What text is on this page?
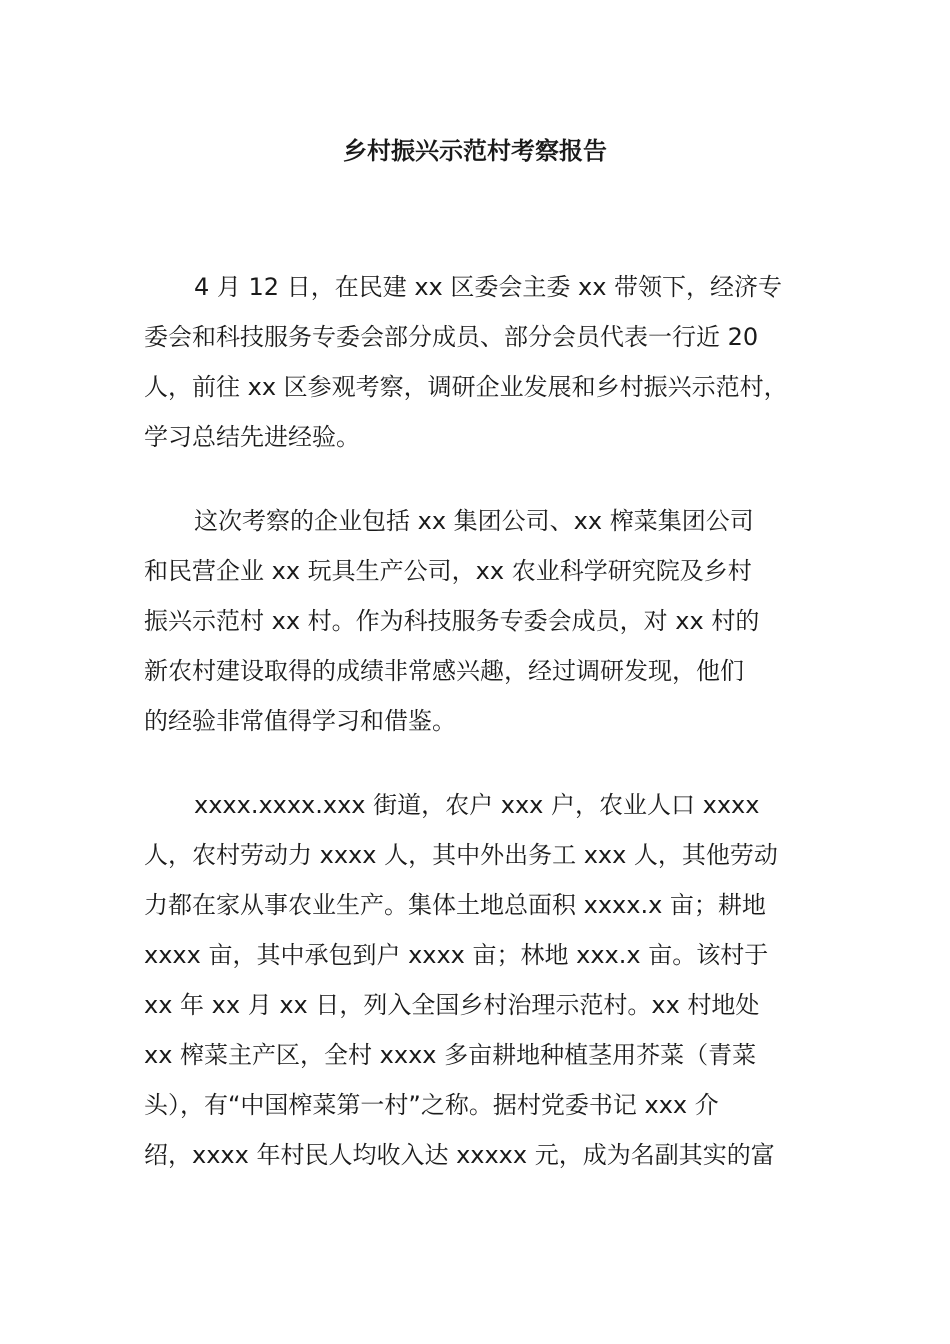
乡村振兴示范村考察报告
4 月 12 日，在民建 xx 区委会主委 xx 带领下，经济专
委会和科技服务专委会部分成员、部分会员代表一行近 20
人，前往 xx 区参观考察，调研企业发展和乡村振兴示范村，
学习总结先进经验。
这次考察的企业包括 xx 集团公司、xx 榨菜集团公司
和民营企业 xx 玩具生产公司，xx 农业科学研究院及乡村
振兴示范村 xx 村。作为科技服务专委会成员，对 xx 村的
新农村建设取得的成绩非常感兴趣，经过调研发现，他们
的经验非常值得学习和借鉴。
xxxx.xxxx.xxx 街道，农户 xxx 户，农业人口 xxxx
人，农村劳动力 xxxx 人，其中外出务工 xxx 人，其他劳动
力都在家从事农业生产。集体土地总面积 xxxx.x 亩；耕地
xxxx 亩，其中承包到户 xxxx 亩；林地 xxx.x 亩。该村于
xx 年 xx 月 xx 日，列入全国乡村治理示范村。xx 村地处
xx 榨菜主产区，全村 xxxx 多亩耕地种植茎用芥菜（青菜
头），有“中国榨菜第一村”之称。据村党委书记 xxx 介
绍，xxxx 年村民人均收入达 xxxxx 元，成为名副其实的富
